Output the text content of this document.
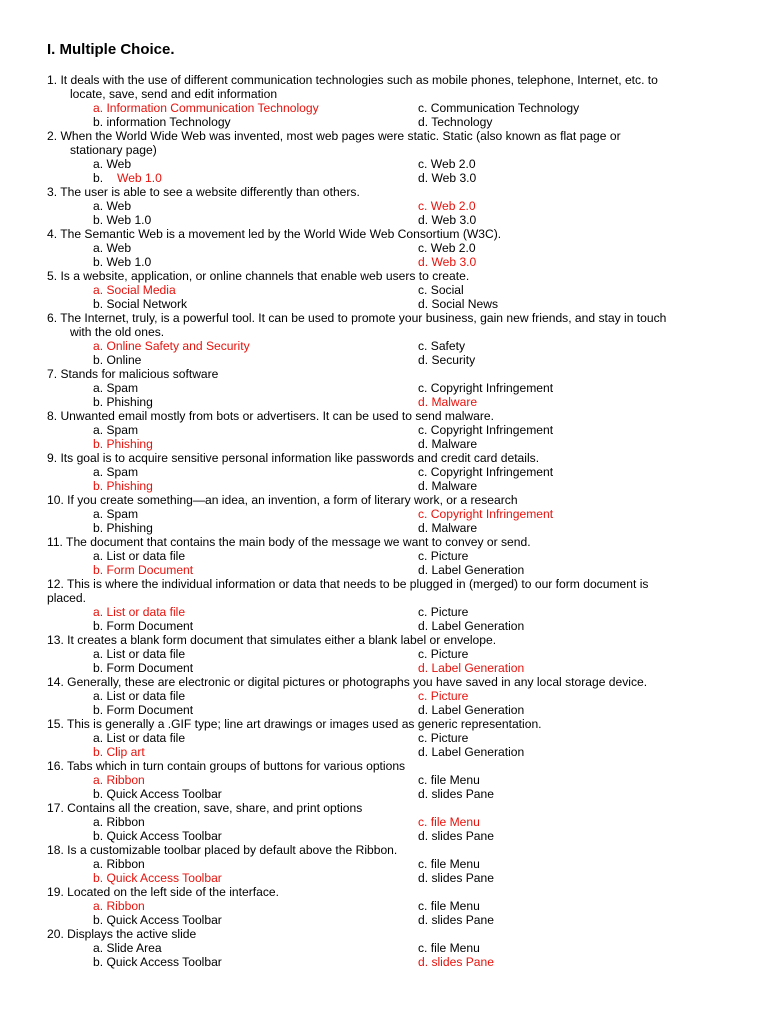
I. Multiple Choice.
1. It deals with the use of different communication technologies such as mobile phones, telephone, Internet, etc. to
locate, save, send and edit information
a. Information Communication Technology	c. Communication Technology
b. information Technology	d. Technology
2. When the World Wide Web was invented, most web pages were static. Static (also known as flat page or
stationary page)
a. Web	c. Web 2.0
b. Web 1.0	d. Web 3.0
3. The user is able to see a website differently than others.
a. Web	c. Web 2.0
b. Web 1.0	d. Web 3.0
4. The Semantic Web is a movement led by the World Wide Web Consortium (W3C).
a. Web	c. Web 2.0
b. Web 1.0	d. Web 3.0
5. Is a website, application, or online channels that enable web users to create.
a. Social Media	c. Social
b. Social Network	d. Social News
6. The Internet, truly, is a powerful tool. It can be used to promote your business, gain new friends, and stay in touch
with the old ones.
a. Online Safety and Security	c. Safety
b. Online	d. Security
7. Stands for malicious software
a. Spam	c. Copyright Infringement
b. Phishing	d. Malware
8. Unwanted email mostly from bots or advertisers. It can be used to send malware.
a. Spam	c. Copyright Infringement
b. Phishing	d. Malware
9. Its goal is to acquire sensitive personal information like passwords and credit card details.
a. Spam	c. Copyright Infringement
b. Phishing	d. Malware
10. If you create something—an idea, an invention, a form of literary work, or a research
a. Spam	c. Copyright Infringement
b. Phishing	d. Malware
11. The document that contains the main body of the message we want to convey or send.
a. List or data file	c. Picture
b. Form Document	d. Label Generation
12. This is where the individual information or data that needs to be plugged in (merged) to our form document is
placed.
a. List or data file	c. Picture
b. Form Document	d. Label Generation
13. It creates a blank form document that simulates either a blank label or envelope.
a. List or data file	c. Picture
b. Form Document	d. Label Generation
14. Generally, these are electronic or digital pictures or photographs you have saved in any local storage device.
a. List or data file	c. Picture
b. Form Document	d. Label Generation
15. This is generally a .GIF type; line art drawings or images used as generic representation.
a. List or data file	c. Picture
b. Clip art	d. Label Generation
16. Tabs which in turn contain groups of buttons for various options
a. Ribbon	c. file Menu
b. Quick Access Toolbar	d. slides Pane
17. Contains all the creation, save, share, and print options
a. Ribbon	c. file Menu
b. Quick Access Toolbar	d. slides Pane
18. Is a customizable toolbar placed by default above the Ribbon.
a. Ribbon	c. file Menu
b. Quick Access Toolbar	d. slides Pane
19. Located on the left side of the interface.
a. Ribbon	c. file Menu
b. Quick Access Toolbar	d. slides Pane
20. Displays the active slide
a. Slide Area	c. file Menu
b. Quick Access Toolbar	d. slides Pane
